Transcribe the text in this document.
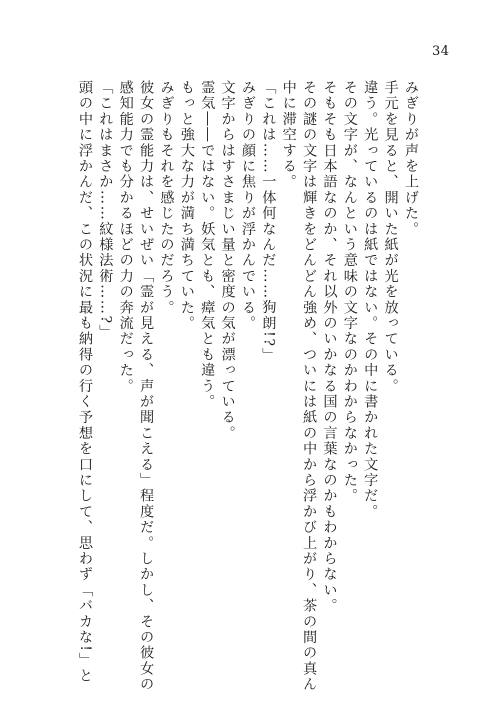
34
みぎりが声を上げた。
手元を見ると、開いた紙が光を放っている。
違う。光っているのは紙ではない。その中に書かれた文字だ。
その文字が、なんという意味の文字なのかわからなかった。
そもそも日本語なのか、それ以外のいかなる国の言葉なのかもわからない。
その謎の文字は輝きをどんどん強め、ついには紙の中から浮かび上がり、茶の間の真ん
中に滞空する。
「これは……一体何なんだ……狗朗!?」
みぎりの顔に焦りが浮かんでいる。
文字からはすさまじい量と密度の気が漂っている。
霊気――ではない。妖気とも、瘴気とも違う。
もっと強大な力が満ち満ちていた。
みぎりもそれを感じたのだろう。
彼女の霊能力は、せいぜい「霊が見える、声が聞こえる」程度だ。しかし、その彼女の
感知能力でも分かるほどの力の奔流だった。
「これはまさか……紋様法術……?」
頭の中に浮かんだ、この状況に最も納得の行く予想を口にして、思わず「バカな!」と
